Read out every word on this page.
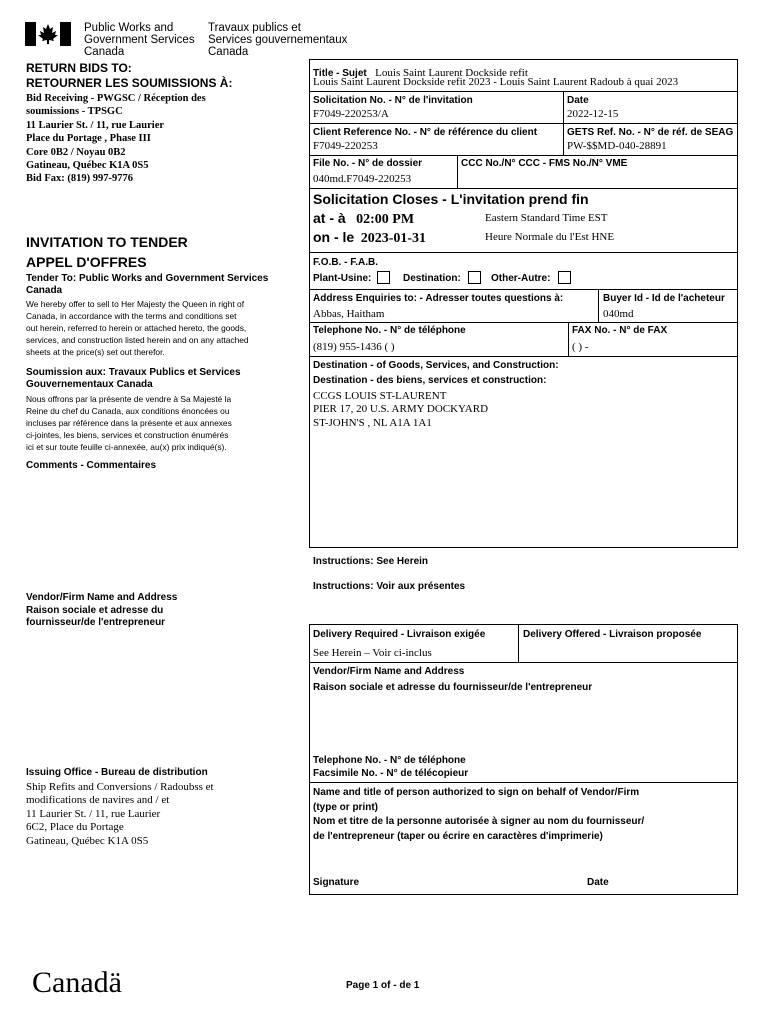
Public Works and
Government Services
Canada
Travaux publics et
Services gouvernementaux
Canada
RETURN BIDS TO:
RETOURNER LES SOUMISSIONS À:
Bid Receiving - PWGSC / Réception des
soumissions - TPSGC
11 Laurier St. / 11, rue Laurier
Place du Portage , Phase III
Core 0B2 / Noyau 0B2
Gatineau, Québec K1A 0S5
Bid Fax: (819) 997-9776
INVITATION TO TENDER
APPEL D'OFFRES
Tender To: Public Works and Government Services
Canada
We hereby offer to sell to Her Majesty the Queen in right of
Canada, in accordance with the terms and conditions set
out herein, referred to herein or attached hereto, the goods,
services, and construction listed herein and on any attached
sheets at the price(s) set out therefor.
Soumission aux: Travaux Publics et Services
Gouvernementaux Canada
Nous offrons par la présente de vendre à Sa Majesté la
Reine du chef du Canada, aux conditions énoncées ou
incluses par référence dans la présente et aux annexes
ci-jointes, les biens, services et construction énumérés
ici et sur toute feuille ci-annexée, au(x) prix indiqué(s).
Comments - Commentaires
Vendor/Firm Name and Address
Raison sociale et adresse du
fournisseur/de l'entrepreneur
Issuing Office - Bureau de distribution
Ship Refits and Conversions / Radoubss et
modifications de navires and / et
11 Laurier St. / 11, rue Laurier
6C2, Place du Portage
Gatineau, Québec K1A 0S5
Title - Sujet Louis Saint Laurent Dockside refit
Louis Saint Laurent Dockside refit 2023 - Louis Saint Laurent Radoub à quai 2023
Solicitation No. - N° de l'invitation
F7049-220253/A
Date
2022-12-15
Client Reference No. - N° de référence du client
F7049-220253
GETS Ref. No. - N° de réf. de SEAG
PW-$$MD-040-28891
File No. - N° de dossier
040md.F7049-220253
CCC No./N° CCC - FMS No./N° VME
Solicitation Closes - L'invitation prend fin
at - à 02:00 PM
on - le 2023-01-31
Eastern Standard Time EST
Heure Normale du l'Est HNE
F.O.B. - F.A.B.
Plant-Usine:	Destination:	Other-Autre:
Address Enquiries to: - Adresser toutes questions à:
Abbas, Haitham
Buyer Id - Id de l'acheteur
040md
Telephone No. - N° de téléphone
(819) 955-1436 ( )
FAX No. - N° de FAX
( ) -
Destination - of Goods, Services, and Construction:
Destination - des biens, services et construction:
CCGS LOUIS ST-LAURENT
PIER 17, 20 U.S. ARMY DOCKYARD
ST-JOHN'S , NL A1A 1A1
Instructions: See Herein
Instructions: Voir aux présentes
Delivery Required - Livraison exigée
See Herein – Voir ci-inclus
Delivery Offered - Livraison proposée
Vendor/Firm Name and Address
Raison sociale et adresse du fournisseur/de l'entrepreneur
Telephone No. - N° de téléphone
Facsimile No. - N° de télécopieur
Name and title of person authorized to sign on behalf of Vendor/Firm
(type or print)
Nom et titre de la personne autorisée à signer au nom du fournisseur/
de l'entrepreneur (taper ou écrire en caractères d'imprimerie)
Signature	Date
Canadä	Page 1 of - de 1
